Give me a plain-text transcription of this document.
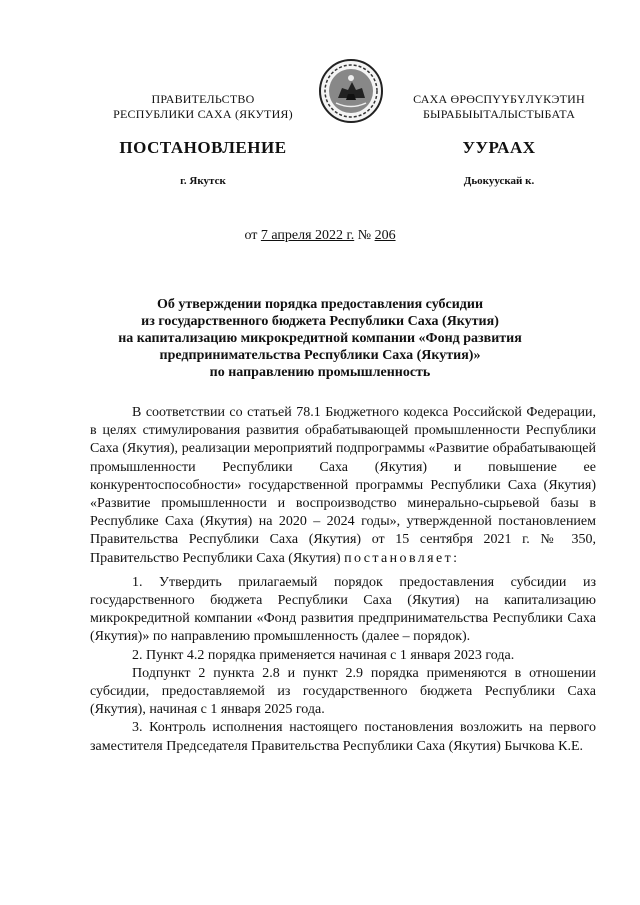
ПРАВИТЕЛЬСТВО
РЕСПУБЛИКИ САХА (ЯКУТИЯ)
САХА ӨРӨСПҮҮБҮЛҮКЭТИН
БЫРАБЫЫТАЛЫСТЫБАТА
ПОСТАНОВЛЕНИЕ	УУРААХ
г. Якутск	Дьокуускай к.
от 7 апреля 2022 г. № 206
Об утверждении порядка предоставления субсидии
из государственного бюджета Республики Саха (Якутия)
на капитализацию микрокредитной компании «Фонд развития
предпринимательства Республики Саха (Якутия)»
по направлению промышленность

В соответствии со статьей 78.1 Бюджетного кодекса Российской Федерации, в целях стимулирования развития обрабатывающей промышленности Республики Саха (Якутия), реализации мероприятий подпрограммы «Развитие обрабатывающей промышленности Республики Саха (Якутия) и повышение ее конкурентоспособности» государственной программы Республики Саха (Якутия) «Развитие промышленности и воспроизводство минерально-сырьевой базы в Республике Саха (Якутия) на 2020 – 2024 годы», утвержденной постановлением Правительства Республики Саха (Якутия) от 15 сентября 2021 г. № 350, Правительство Республики Саха (Якутия) постановляет:

1. Утвердить прилагаемый порядок предоставления субсидии из государственного бюджета Республики Саха (Якутия) на капитализацию микрокредитной компании «Фонд развития предпринимательства Республики Саха (Якутия)» по направлению промышленность (далее – порядок).

2. Пункт 4.2 порядка применяется начиная с 1 января 2023 года.

Подпункт 2 пункта 2.8 и пункт 2.9 порядка применяются в отношении субсидии, предоставляемой из государственного бюджета Республики Саха (Якутия), начиная с 1 января 2025 года.

3. Контроль исполнения настоящего постановления возложить на первого заместителя Председателя Правительства Республики Саха (Якутия) Бычкова К.Е.
